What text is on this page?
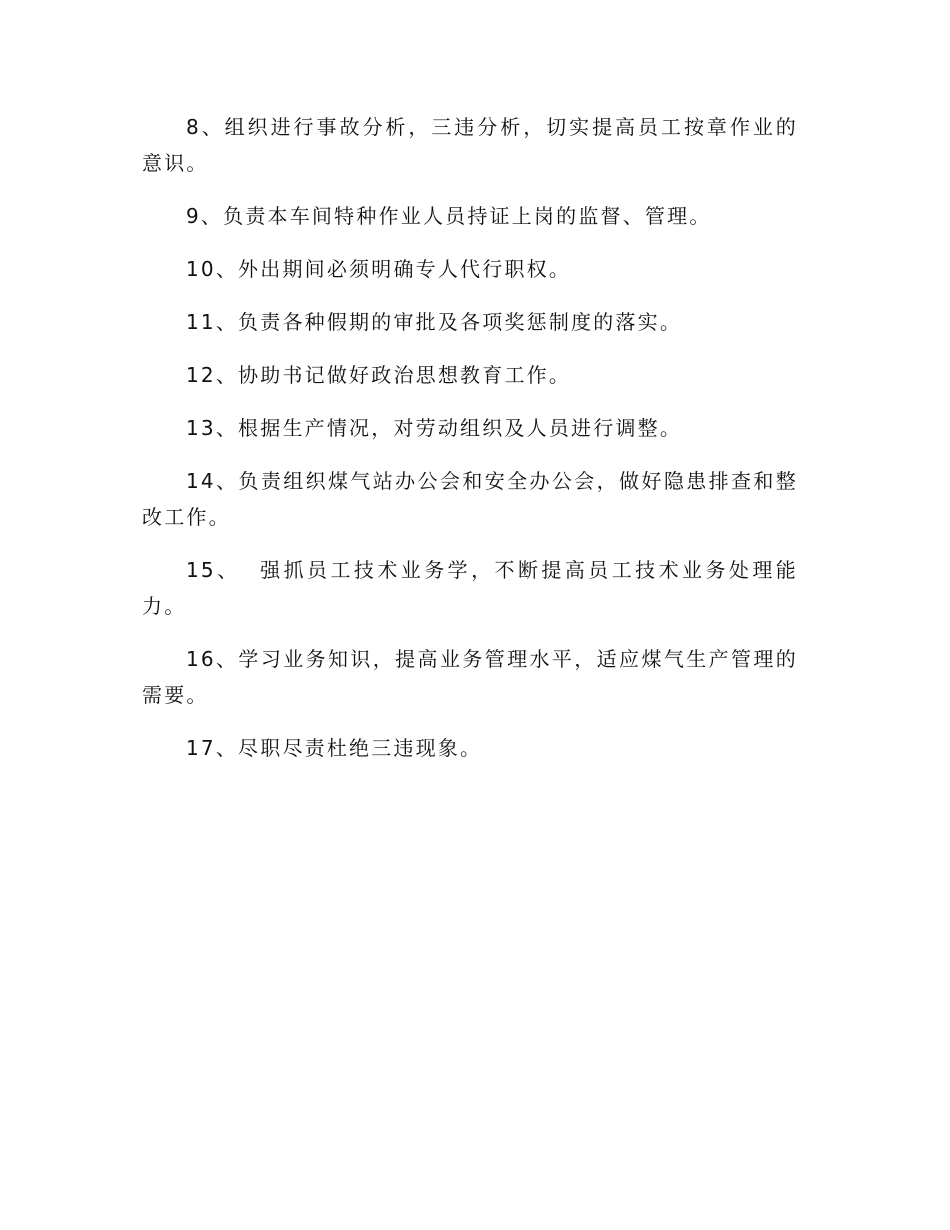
8、组织进行事故分析，三违分析，切实提高员工按章作业的意识。

9、负责本车间特种作业人员持证上岗的监督、管理。

10、外出期间必须明确专人代行职权。

11、负责各种假期的审批及各项奖惩制度的落实。

12、协助书记做好政治思想教育工作。

13、根据生产情况，对劳动组织及人员进行调整。

14、负责组织煤气站办公会和安全办公会，做好隐患排查和整改工作。

15、  强抓员工技术业务学，不断提高员工技术业务处理能力。

16、学习业务知识，提高业务管理水平，适应煤气生产管理的需要。

17、尽职尽责杜绝三违现象。
